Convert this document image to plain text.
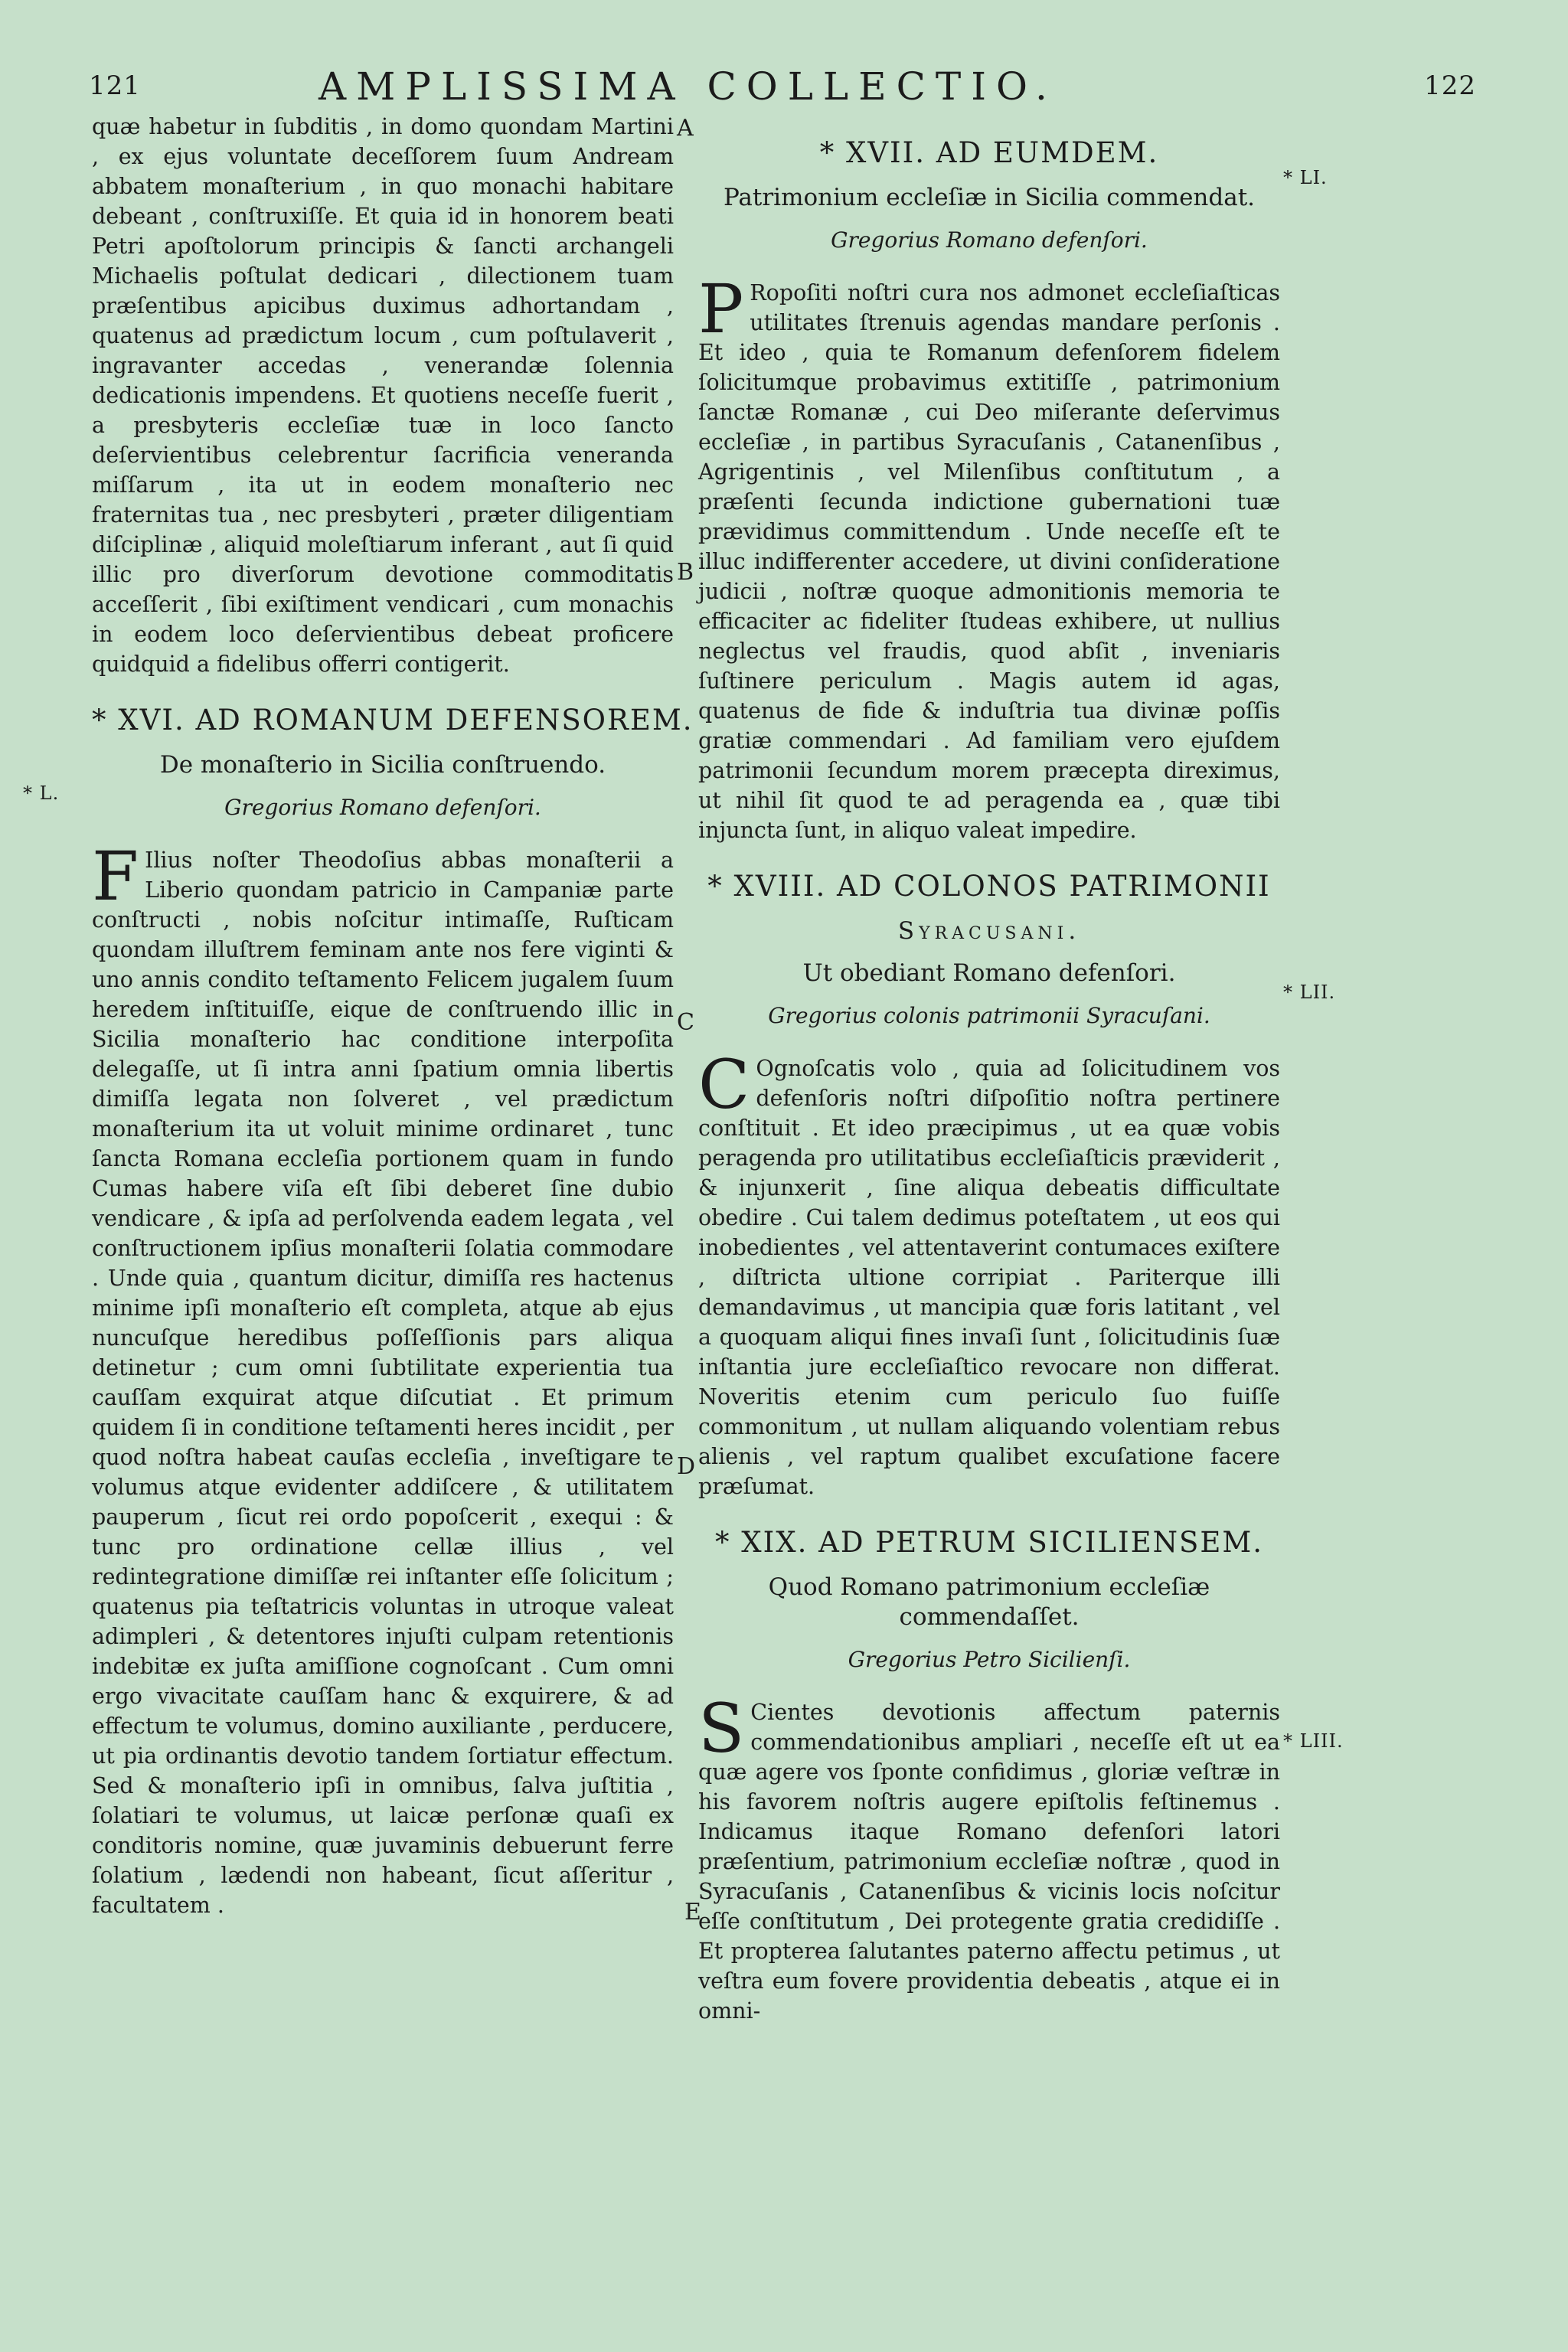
121	AMPLISSIMA COLLECTIO.	122

quæ habetur in ſubditis , in domo quondam Martini , ex ejus voluntate deceſſorem ſuum Andream abbatem monaſterium , in quo monachi habitare debeant , conſtruxiſſe. Et quia id in honorem beati Petri apoſtolorum principis & ſancti archangeli Michaelis poſtulat dedicari , dilectionem tuam præſentibus apicibus duximus adhortandam , quatenus ad prædictum locum , cum poſtulaverit , ingravanter accedas , venerandæ ſolennia dedicationis impendens. Et quotiens neceſſe fuerit , a presbyteris eccleſiæ tuæ in loco ſancto deſervientibus celebrentur ſacrificia veneranda miſſarum , ita ut in eodem monaſterio nec fraternitas tua , nec presbyteri , præter diligentiam diſciplinæ , aliquid moleſtiarum inferant , aut ſi quid illic pro diverſorum devotione commoditatis acceſſerit , ſibi exiſtiment vendicari , cum monachis in eodem loco deſervientibus debeat proficere quidquid a fidelibus offerri contigerit.

* XVI. AD ROMANUM DEFENSOREM.
De monaſterio in Sicilia conſtruendo.
Gregorius Romano defenſori.

F Ilius noſter Theodoſius abbas monaſterii a Liberio quondam patricio in Campaniæ parte conſtructi , nobis noſcitur intimaſſe, Ruſticam quondam illuſtrem feminam ante nos fere viginti & uno annis condito teſtamento Felicem jugalem ſuum heredem inſtituiſſe, eique de conſtruendo illic in Sicilia monaſterio hac conditione interpoſita delegaſſe, ut ſi intra anni ſpatium omnia libertis dimiſſa legata non ſolveret , vel prædictum monaſterium ita ut voluit minime ordinaret , tunc ſancta Romana eccleſia portionem quam in fundo Cumas habere viſa eſt ſibi deberet ſine dubio vendicare , & ipſa ad perſolvenda eadem legata , vel conſtructionem ipſius monaſterii ſolatia commodare . Unde quia , quantum dicitur, dimiſſa res hactenus minime ipſi monaſterio eſt completa, atque ab ejus nuncuſque heredibus poſſeſſionis pars aliqua detinetur ; cum omni ſubtilitate experientia tua cauſſam exquirat atque diſcutiat . Et primum quidem ſi in conditione teſtamenti heres incidit , per quod noſtra habeat cauſas eccleſia , inveſtigare te volumus atque evidenter addiſcere , & utilitatem pauperum , ſicut rei ordo popoſcerit , exequi : & tunc pro ordinatione cellæ illius , vel redintegratione dimiſſæ rei inſtanter eſſe ſolicitum ; quatenus pia teſtatricis voluntas in utroque valeat adimpleri , & detentores injuſti culpam retentionis indebitæ ex juſta amiſſione cognoſcant . Cum omni ergo vivacitate cauſſam hanc & exquirere, & ad effectum te volumus, domino auxiliante , perducere, ut pia ordinantis devotio tandem ſortiatur effectum. Sed & monaſterio ipſi in omnibus, ſalva juſtitia , ſolatiari te volumus, ut laicæ perſonæ quaſi ex conditoris nomine, quæ juvaminis debuerunt ferre ſolatium , lædendi non habeant, ſicut aſſeritur , facultatem .

* XVII. AD EUMDEM.
Patrimonium eccleſiæ in Sicilia commendat.
Gregorius Romano defenſori.

P Ropoſiti noſtri cura nos admonet eccleſiaſticas utilitates ſtrenuis agendas mandare perſonis . Et ideo , quia te Romanum defenſorem fidelem ſolicitumque probavimus extitiſſe , patrimonium ſanctæ Romanæ , cui Deo miſerante deſervimus eccleſiæ , in partibus Syracuſanis , Catanenſibus , Agrigentinis , vel Milenſibus conſtitutum , a præſenti ſecunda indictione gubernationi tuæ prævidimus committendum . Unde neceſſe eſt te illuc indifferenter accedere, ut divini conſideratione judicii , noſtræ quoque admonitionis memoria te efficaciter ac fideliter ſtudeas exhibere, ut nullius neglectus vel fraudis, quod abſit , inveniaris ſuſtinere periculum . Magis autem id agas, quatenus de fide & induſtria tua divinæ poſſis gratiæ commendari . Ad familiam vero ejuſdem patrimonii ſecundum morem præcepta direximus, ut nihil ſit quod te ad peragenda ea , quæ tibi injuncta ſunt, in aliquo valeat impedire.

* XVIII. AD COLONOS PATRIMONII
Syracusani.
Ut obediant Romano defenſori.
Gregorius colonis patrimonii Syracuſani.

C Ognoſcatis volo , quia ad ſolicitudinem vos defenſoris noſtri diſpoſitio noſtra pertinere conſtituit . Et ideo præcipimus , ut ea quæ vobis peragenda pro utilitatibus eccleſiaſticis præviderit , & injunxerit , ſine aliqua debeatis difficultate obedire . Cui talem dedimus poteſtatem , ut eos qui inobedientes , vel attentaverint contumaces exiſtere , diſtricta ultione corripiat . Pariterque illi demandavimus , ut mancipia quæ foris latitant , vel a quoquam aliqui fines invaſi ſunt , ſolicitudinis ſuæ inſtantia jure eccleſiaſtico revocare non differat. Noveritis etenim cum periculo ſuo fuiſſe commonitum , ut nullam aliquando volentiam rebus alienis , vel raptum qualibet excuſatione facere præſumat.

* XIX. AD PETRUM SICILIENSEM.
Quod Romano patrimonium eccleſiæ commendaſſet.
Gregorius Petro Sicilienſi.

S Cientes devotionis affectum paternis commendationibus ampliari , neceſſe eſt ut ea quæ agere vos ſponte confidimus , gloriæ veſtræ in his favorem noſtris augere epiſtolis feſtinemus . Indicamus itaque Romano defenſori latori præſentium, patrimonium eccleſiæ noſtræ , quod in Syracuſanis , Catanenſibus & vicinis locis noſcitur eſſe conſtitutum , Dei protegente gratia credidiſſe . Et propterea ſalutantes paterno affectu petimus , ut veſtra eum fovere providentia debeatis , atque ei in omni-

A
B
C
D
E
* L.
* LI.
* LII.
* LIII.
